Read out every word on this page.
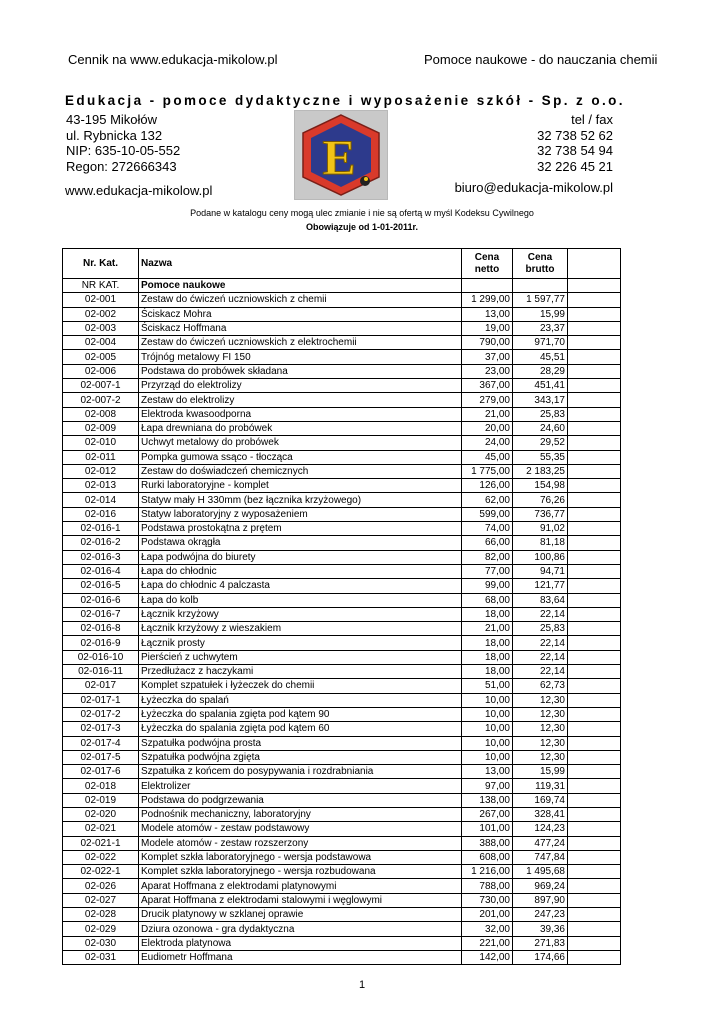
Cennik na www.edukacja-mikolow.pl	Pomoce naukowe - do nauczania chemii
Edukacja - pomoce dydaktyczne i wyposażenie szkół - Sp. z o.o.
43-195 Mikołów
ul. Rybnicka 132
NIP: 635-10-05-552
Regon: 272666343
www.edukacja-mikolow.pl
E
tel / fax
32 738 52 62
32 738 54 94
32 226 45 21
biuro@edukacja-mikolow.pl
Podane w katalogu ceny mogą ulec zmianie i nie są ofertą w myśl Kodeksu Cywilnego
Obowiązuje od 1-01-2011r.
Nr. Kat.	Nazwa	Cena netto	Cena brutto	
NR KAT.	Pomoce naukowe			
02-001	Zestaw do ćwiczeń uczniowskich z chemii	1 299,00	1 597,77	
02-002	Ściskacz Mohra	13,00	15,99	
02-003	Ściskacz Hoffmana	19,00	23,37	
02-004	Zestaw do ćwiczeń uczniowskich z elektrochemii	790,00	971,70	
02-005	Trójnóg metalowy FI 150	37,00	45,51	
02-006	Podstawa do probówek składana	23,00	28,29	
02-007-1	Przyrząd do elektrolizy	367,00	451,41	
02-007-2	Zestaw do elektrolizy	279,00	343,17	
02-008	Elektroda kwasoodporna	21,00	25,83	
02-009	Łapa drewniana do probówek	20,00	24,60	
02-010	Uchwyt metalowy do probówek	24,00	29,52	
02-011	Pompka gumowa ssąco - tłocząca	45,00	55,35	
02-012	Zestaw do doświadczeń chemicznych	1 775,00	2 183,25	
02-013	Rurki laboratoryjne - komplet	126,00	154,98	
02-014	Statyw mały H 330mm (bez łącznika krzyżowego)	62,00	76,26	
02-016	Statyw laboratoryjny z wyposażeniem	599,00	736,77	
02-016-1	Podstawa prostokątna z prętem	74,00	91,02	
02-016-2	Podstawa okrągła	66,00	81,18	
02-016-3	Łapa podwójna do biurety	82,00	100,86	
02-016-4	Łapa do chłodnic	77,00	94,71	
02-016-5	Łapa do chłodnic 4 palczasta	99,00	121,77	
02-016-6	Łapa do kolb	68,00	83,64	
02-016-7	Łącznik krzyżowy	18,00	22,14	
02-016-8	Łącznik krzyżowy z wieszakiem	21,00	25,83	
02-016-9	Łącznik prosty	18,00	22,14	
02-016-10	Pierścień z uchwytem	18,00	22,14	
02-016-11	Przedłużacz z haczykami	18,00	22,14	
02-017	Komplet szpatułek i łyżeczek do chemii	51,00	62,73	
02-017-1	Łyżeczka do spalań	10,00	12,30	
02-017-2	Łyżeczka do spalania zgięta pod kątem 90	10,00	12,30	
02-017-3	Łyżeczka do spalania zgięta pod kątem 60	10,00	12,30	
02-017-4	Szpatułka podwójna prosta	10,00	12,30	
02-017-5	Szpatułka podwójna zgięta	10,00	12,30	
02-017-6	Szpatułka z końcem do posypywania i rozdrabniania	13,00	15,99	
02-018	Elektrolizer	97,00	119,31	
02-019	Podstawa do podgrzewania	138,00	169,74	
02-020	Podnośnik mechaniczny, laboratoryjny	267,00	328,41	
02-021	Modele atomów - zestaw podstawowy	101,00	124,23	
02-021-1	Modele atomów - zestaw rozszerzony	388,00	477,24	
02-022	Komplet szkła laboratoryjnego - wersja podstawowa	608,00	747,84	
02-022-1	Komplet szkła laboratoryjnego - wersja rozbudowana	1 216,00	1 495,68	
02-026	Aparat Hoffmana z elektrodami platynowymi	788,00	969,24	
02-027	Aparat Hoffmana z elektrodami stalowymi i węglowymi	730,00	897,90	
02-028	Drucik platynowy w szklanej oprawie	201,00	247,23	
02-029	Dziura ozonowa - gra dydaktyczna	32,00	39,36	
02-030	Elektroda platynowa	221,00	271,83	
02-031	Eudiometr Hoffmana	142,00	174,66	
1
